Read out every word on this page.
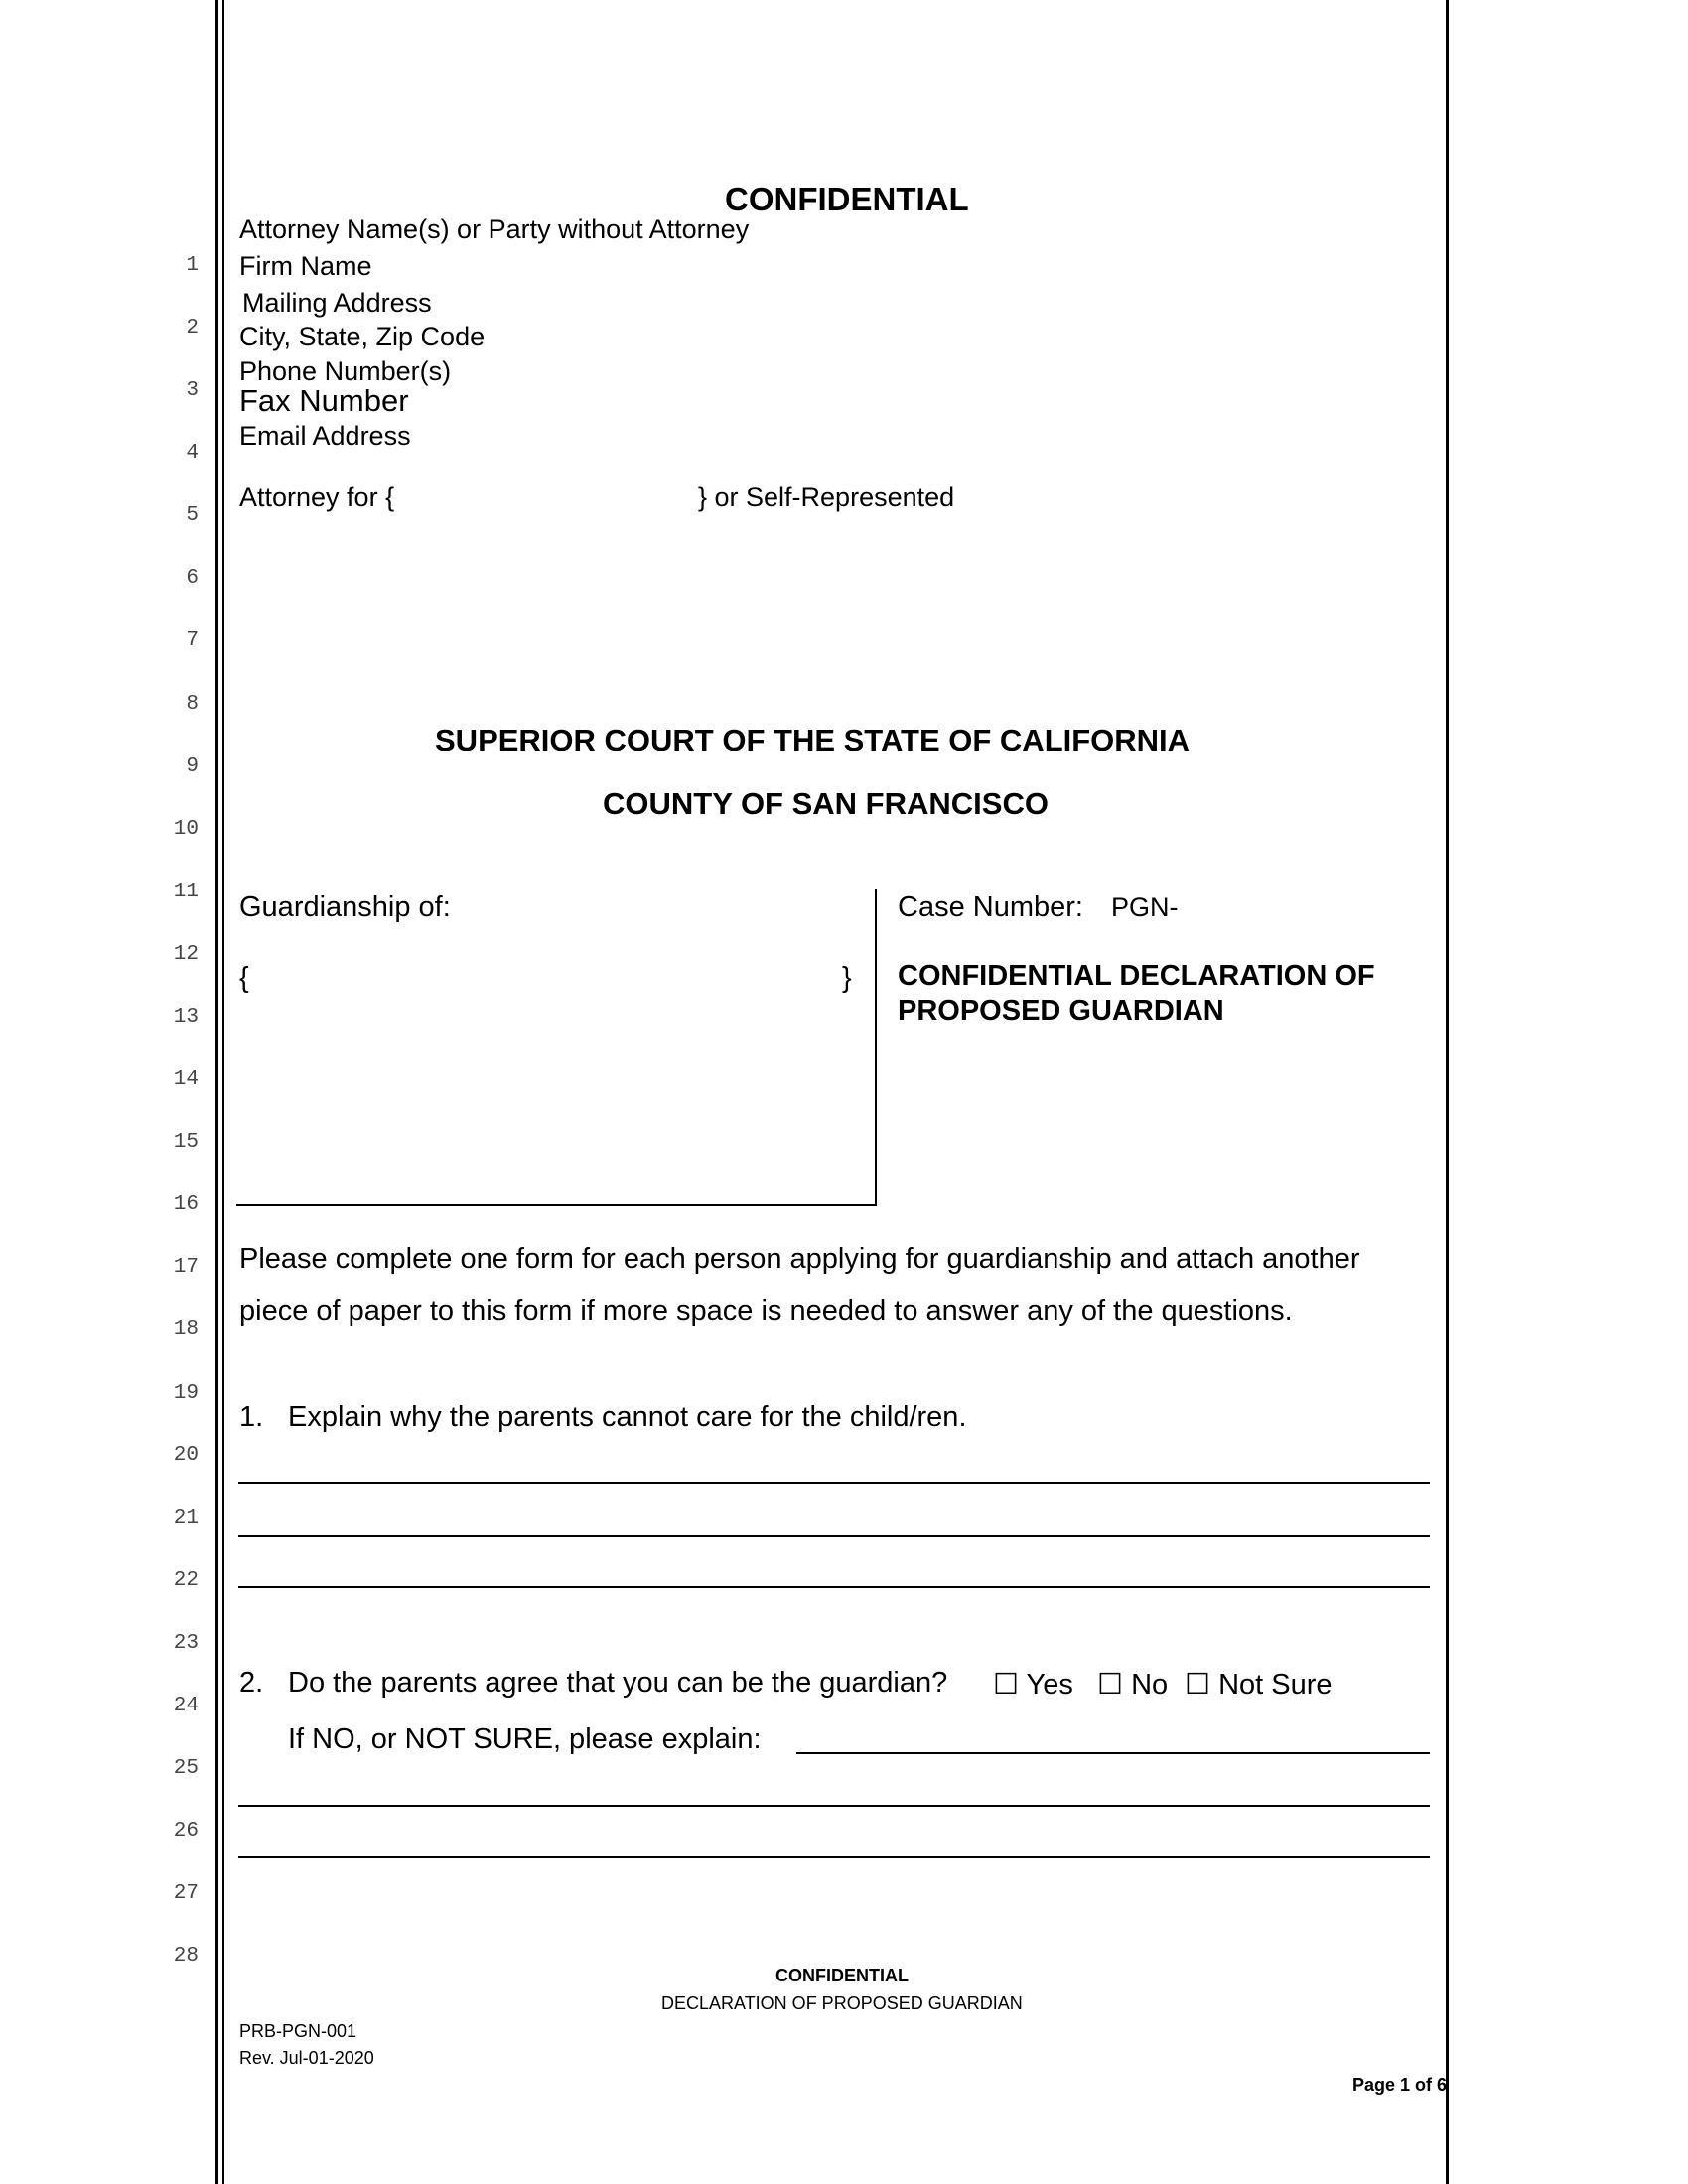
1
2
3
4
5
6
7
8
9
10
11
12
13
14
15
16
17
18
19
20
21
22
23
24
25
26
27
28
CONFIDENTIAL
Attorney Name(s) or Party without Attorney
Firm Name
Mailing Address
City, State, Zip Code
Phone Number(s)
Fax Number
Email Address
Attorney for {	} or Self-Represented
SUPERIOR COURT OF THE STATE OF CALIFORNIA
COUNTY OF SAN FRANCISCO
Guardianship of:
{	}
Case Number: PGN-
CONFIDENTIAL DECLARATION OF
PROPOSED GUARDIAN
Please complete one form for each person applying for guardianship and attach another
piece of paper to this form if more space is needed to answer any of the questions.
1. Explain why the parents cannot care for the child/ren.
2. Do the parents agree that you can be the guardian? ☐ Yes ☐ No ☐ Not Sure
If NO, or NOT SURE, please explain:
CONFIDENTIAL
DECLARATION OF PROPOSED GUARDIAN
PRB-PGN-001
Rev. Jul-01-2020
Page 1 of 6
